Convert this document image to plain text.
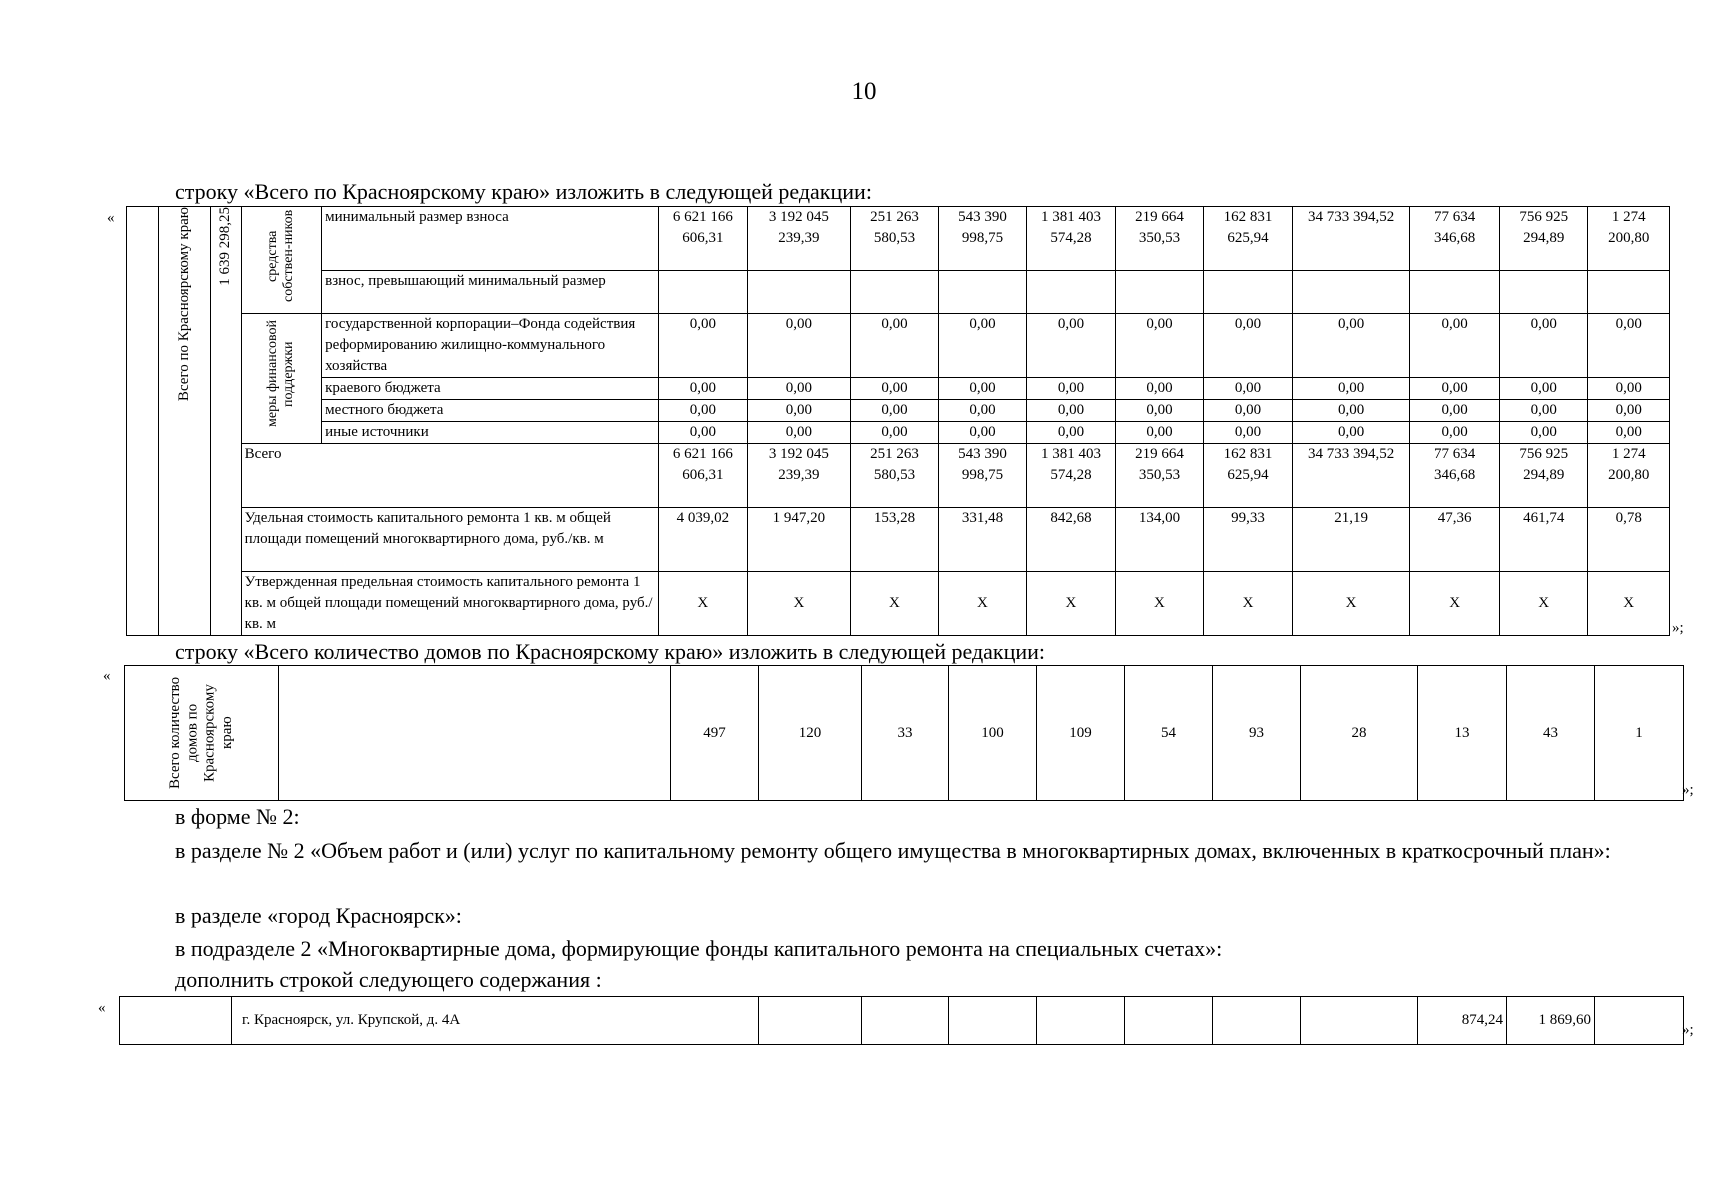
10
строку «Всего по Красноярскому краю» изложить в следующей редакции:
«

	Всего по Красноярскому краю	1 639 298,25	средства собствен-ников	минимальный размер взноса	6 621 166 606,31	3 192 045 239,39	251 263 580,53	543 390 998,75	1 381 403 574,28	219 664 350,53	162 831 625,94	34 733 394,52	77 634 346,68	756 925 294,89	1 274 200,80
				взнос, превышающий минимальный размер											

			меры финансовой поддержки	государственной корпорации–Фонда содействия реформированию жилищно-коммунального хозяйства	0,00	0,00	0,00	0,00	0,00	0,00	0,00	0,00	0,00	0,00	0,00
				краевого бюджета	0,00	0,00	0,00	0,00	0,00	0,00	0,00	0,00	0,00	0,00	0,00
				местного бюджета	0,00	0,00	0,00	0,00	0,00	0,00	0,00	0,00	0,00	0,00	0,00
				иные источники	0,00	0,00	0,00	0,00	0,00	0,00	0,00	0,00	0,00	0,00	0,00
			Всего		6 621 166 606,31	3 192 045 239,39	251 263 580,53	543 390 998,75	1 381 403 574,28	219 664 350,53	162 831 625,94	34 733 394,52	77 634 346,68	756 925 294,89	1 274 200,80
			Удельная стоимость капитального ремонта 1 кв. м общей площади помещений многоквартирного дома, руб./кв. м		4 039,02	1 947,20	153,28	331,48	842,68	134,00	99,33	21,19	47,36	461,74	0,78
			Утвержденная предельная стоимость капитального ремонта 1 кв. м общей площади помещений многоквартирного дома, руб./кв. м		X	X	X	X	X	X	X	X	X	X	X
»;
строку «Всего количество домов по Красноярскому краю» изложить в следующей редакции:
«
Всего количество домов по Красноярскому краю		497	120	33	100	109	54	93	28	13	43	1
»;
в форме № 2:
в разделе № 2 «Объем работ и (или) услуг по капитальному ремонту общего имущества в многоквартирных домах, включенных в краткосрочный план»:
в разделе «город Красноярск»:
в подразделе 2 «Многоквартирные дома, формирующие фонды капитального ремонта на специальных счетах»:
дополнить строкой следующего содержания :
«
	г. Красноярск, ул. Крупской, д. 4А								874,24	1 869,60	
»;
